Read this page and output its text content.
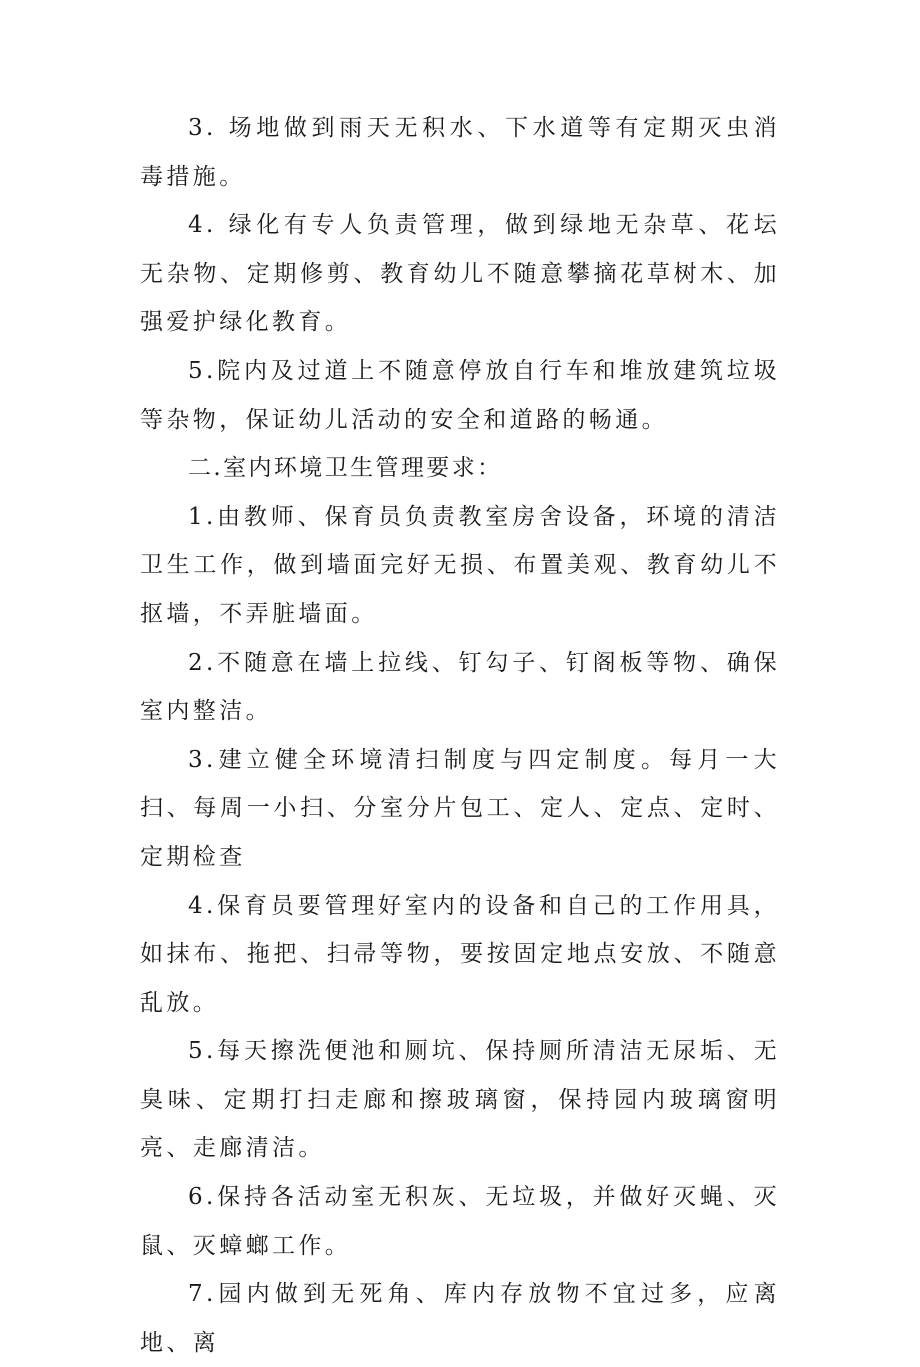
3. 场地做到雨天无积水、下水道等有定期灭虫消毒措施。

4. 绿化有专人负责管理，做到绿地无杂草、花坛无杂物、定期修剪、教育幼儿不随意攀摘花草树木、加强爱护绿化教育。

5.院内及过道上不随意停放自行车和堆放建筑垃圾等杂物，保证幼儿活动的安全和道路的畅通。

二.室内环境卫生管理要求：

1.由教师、保育员负责教室房舍设备，环境的清洁卫生工作，做到墙面完好无损、布置美观、教育幼儿不抠墙，不弄脏墙面。

2.不随意在墙上拉线、钉勾子、钉阁板等物、确保室内整洁。

3.建立健全环境清扫制度与四定制度。每月一大扫、每周一小扫、分室分片包工、定人、定点、定时、定期检查

4.保育员要管理好室内的设备和自己的工作用具，如抹布、拖把、扫帚等物，要按固定地点安放、不随意乱放。

5.每天擦洗便池和厕坑、保持厕所清洁无尿垢、无臭味、定期打扫走廊和擦玻璃窗，保持园内玻璃窗明亮、走廊清洁。

6.保持各活动室无积灰、无垃圾，并做好灭蝇、灭鼠、灭蟑螂工作。

7.园内做到无死角、库内存放物不宜过多，应离地、离
